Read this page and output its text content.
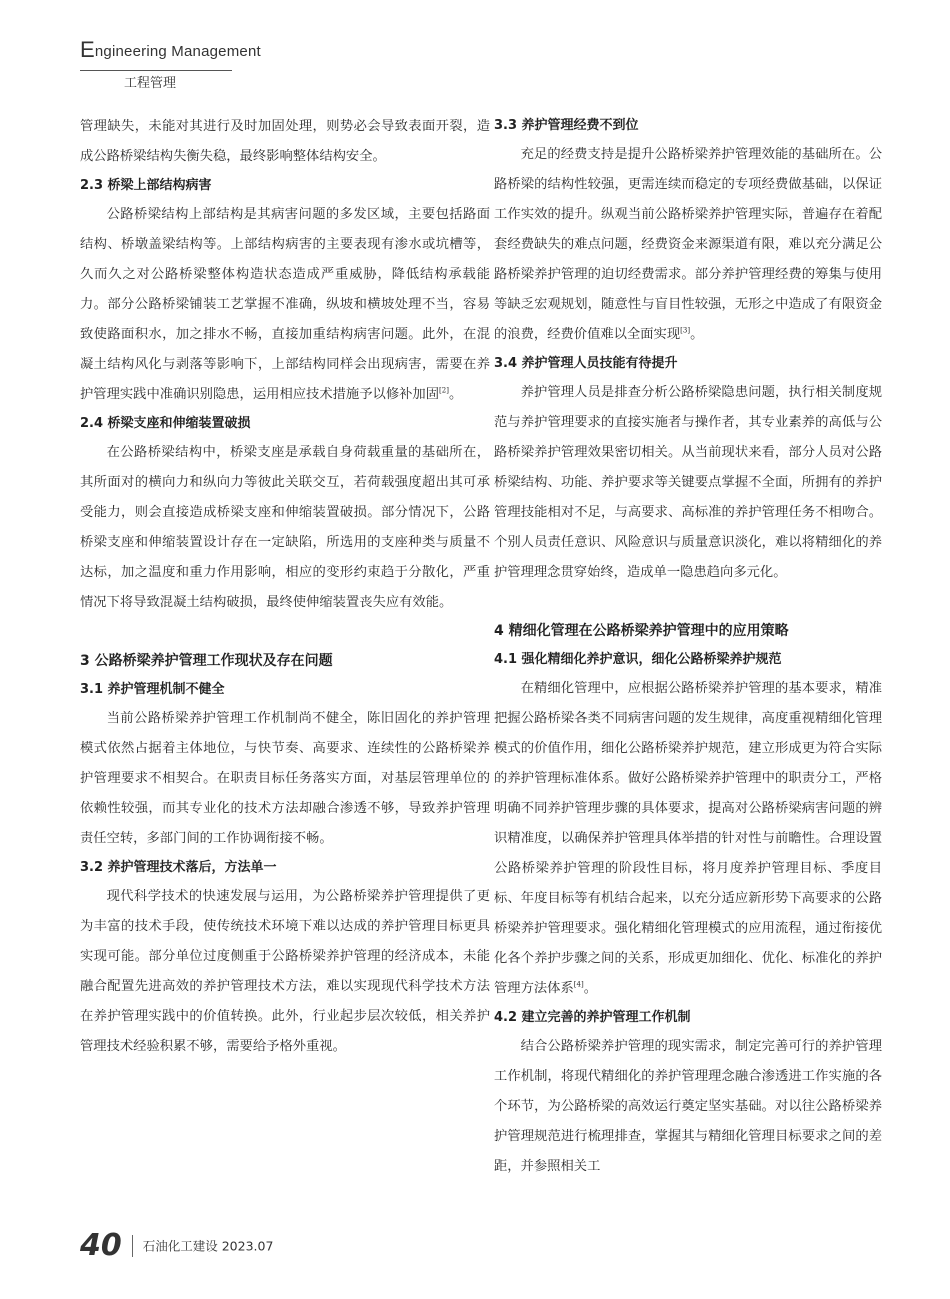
Engineering Management
工程管理

管理缺失，未能对其进行及时加固处理，则势必会导致表面开裂，造成公路桥梁结构失衡失稳，最终影响整体结构安全。

2.3 桥梁上部结构病害

公路桥梁结构上部结构是其病害问题的多发区域，主要包括路面结构、桥墩盖梁结构等。上部结构病害的主要表现有渗水或坑槽等，久而久之对公路桥梁整体构造状态造成严重威胁，降低结构承载能力。部分公路桥梁铺装工艺掌握不准确，纵坡和横坡处理不当，容易致使路面积水，加之排水不畅，直接加重结构病害问题。此外，在混凝土结构风化与剥落等影响下，上部结构同样会出现病害，需要在养护管理实践中准确识别隐患，运用相应技术措施予以修补加固[2]。

2.4 桥梁支座和伸缩装置破损

在公路桥梁结构中，桥梁支座是承载自身荷载重量的基础所在，其所面对的横向力和纵向力等彼此关联交互，若荷载强度超出其可承受能力，则会直接造成桥梁支座和伸缩装置破损。部分情况下，公路桥梁支座和伸缩装置设计存在一定缺陷，所选用的支座种类与质量不达标，加之温度和重力作用影响，相应的变形约束趋于分散化，严重情况下将导致混凝土结构破损，最终使伸缩装置丧失应有效能。

3 公路桥梁养护管理工作现状及存在问题
3.1 养护管理机制不健全

当前公路桥梁养护管理工作机制尚不健全，陈旧固化的养护管理模式依然占据着主体地位，与快节奏、高要求、连续性的公路桥梁养护管理要求不相契合。在职责目标任务落实方面，对基层管理单位的依赖性较强，而其专业化的技术方法却融合渗透不够，导致养护管理责任空转，多部门间的工作协调衔接不畅。

3.2 养护管理技术落后，方法单一

现代科学技术的快速发展与运用，为公路桥梁养护管理提供了更为丰富的技术手段，使传统技术环境下难以达成的养护管理目标更具实现可能。部分单位过度侧重于公路桥梁养护管理的经济成本，未能融合配置先进高效的养护管理技术方法，难以实现现代科学技术方法在养护管理实践中的价值转换。此外，行业起步层次较低，相关养护管理技术经验积累不够，需要给予格外重视。

3.3 养护管理经费不到位

充足的经费支持是提升公路桥梁养护管理效能的基础所在。公路桥梁的结构性较强，更需连续而稳定的专项经费做基础，以保证工作实效的提升。纵观当前公路桥梁养护管理实际，普遍存在着配套经费缺失的难点问题，经费资金来源渠道有限，难以充分满足公路桥梁养护管理的迫切经费需求。部分养护管理经费的筹集与使用等缺乏宏观规划，随意性与盲目性较强，无形之中造成了有限资金的浪费，经费价值难以全面实现[3]。

3.4 养护管理人员技能有待提升

养护管理人员是排查分析公路桥梁隐患问题，执行相关制度规范与养护管理要求的直接实施者与操作者，其专业素养的高低与公路桥梁养护管理效果密切相关。从当前现状来看，部分人员对公路桥梁结构、功能、养护要求等关键要点掌握不全面，所拥有的养护管理技能相对不足，与高要求、高标准的养护管理任务不相吻合。个别人员责任意识、风险意识与质量意识淡化，难以将精细化的养护管理理念贯穿始终，造成单一隐患趋向多元化。

4 精细化管理在公路桥梁养护管理中的应用策略
4.1 强化精细化养护意识，细化公路桥梁养护规范

在精细化管理中，应根据公路桥梁养护管理的基本要求，精准把握公路桥梁各类不同病害问题的发生规律，高度重视精细化管理模式的价值作用，细化公路桥梁养护规范，建立形成更为符合实际的养护管理标准体系。做好公路桥梁养护管理中的职责分工，严格明确不同养护管理步骤的具体要求，提高对公路桥梁病害问题的辨识精准度，以确保养护管理具体举措的针对性与前瞻性。合理设置公路桥梁养护管理的阶段性目标，将月度养护管理目标、季度目标、年度目标等有机结合起来，以充分适应新形势下高要求的公路桥梁养护管理要求。强化精细化管理模式的应用流程，通过衔接优化各个养护步骤之间的关系，形成更加细化、优化、标准化的养护管理方法体系[4]。

4.2 建立完善的养护管理工作机制

结合公路桥梁养护管理的现实需求，制定完善可行的养护管理工作机制，将现代精细化的养护管理理念融合渗透进工作实施的各个环节，为公路桥梁的高效运行奠定坚实基础。对以往公路桥梁养护管理规范进行梳理排查，掌握其与精细化管理目标要求之间的差距，并参照相关工

40 石油化工建设 2023.07
